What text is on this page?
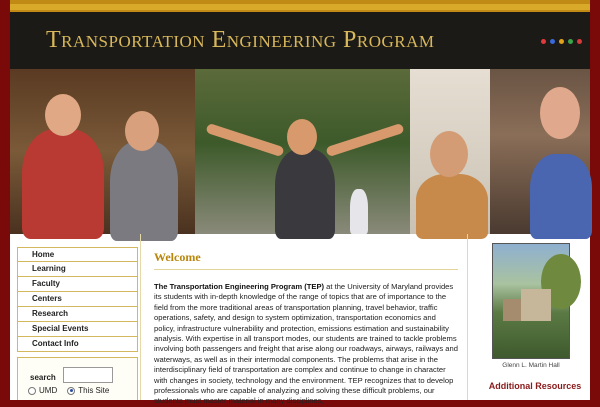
Transportation Engineering Program
Home
Learning
Faculty
Centers
Research
Special Events
Contact Info
search
UMD	This Site
Welcome

The Transportation Engineering Program (TEP) at the University of Maryland provides its students with in-depth knowledge of the range of topics that are of importance to the field from the more traditional areas of transportation planning, travel behavior, traffic operations, safety, and design to system optimization, transportation economics and policy, infrastructure vulnerability and protection, emissions estimation and sustainability analysis. With expertise in all transport modes, our students are trained to tackle problems involving both passengers and freight that arise along our roadways, airways, railways and waterways, as well as in their intermodal components. The problems that arise in the interdisciplinary field of transportation are complex and continue to change in character with changes in society, technology and the environment. TEP recognizes that to develop professionals who are capable of analyzing and solving these difficult problems, our students must master material in many disciplines,

Glenn L. Martin Hall
Additional Resources
